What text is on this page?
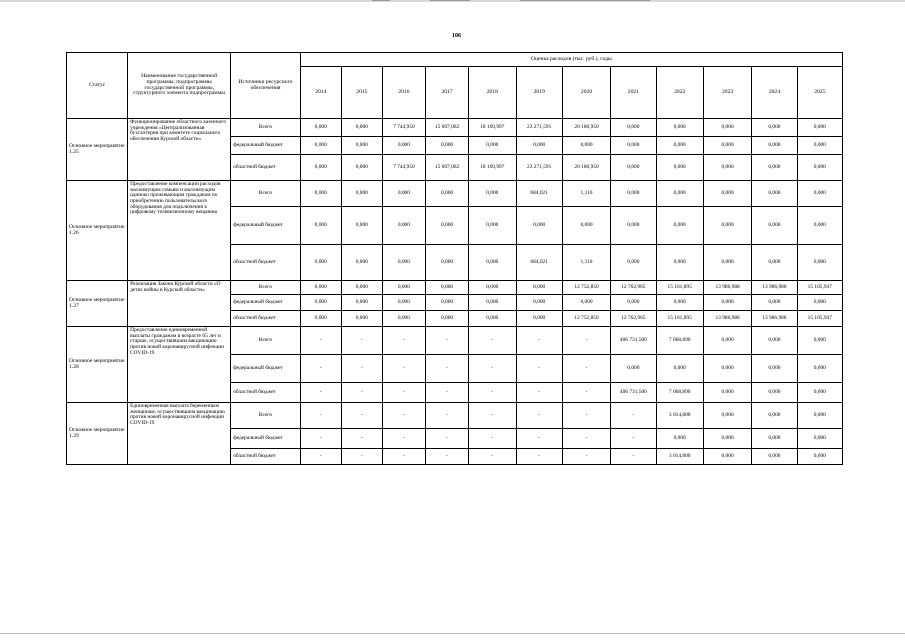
106
Статус	Наименование государственной программы, подпрограммы государственной программы, структурного элемента подпрограммы	Источники ресурсного обеспечения	Оценка расходов (тыс. руб.), годы											
			2014	2015	2016	2017	2018	2019	2020	2021	2022	2023	2024	2025
Основное мероприятие 1.25	Функционирование областного казенного учреждения «Централизованная бухгалтерия при комитете социального обеспечения Курской области»	Всего	0,000	0,000	7 744,950	15 607,062	18 169,997	23 271,591	20 180,950	0,000	0,000	0,000	0,000	0,000
		федеральный бюджет	0,000	0,000	0,000	0,000	0,000	0,000	0,000	0,000	0,000	0,000	0,000	0,000
		областной бюджет	0,000	0,000	7 744,950	15 607,062	18 169,997	23 271,591	20 180,950	0,000	0,000	0,000	0,000	0,000
Основное мероприятие 1.26	Предоставление компенсации расходов малоимущим семьям и малоимущим одиноко проживающим гражданам по приобретению пользовательского оборудования для подключения к цифровому телевизионному вещанию	Всего	0,000	0,000	0,000	0,000	0,000	684,021	1,110	0,000	0,000	0,000	0,000	0,000
		федеральный бюджет	0,000	0,000	0,000	0,000	0,000	0,000	0,000	0,000	0,000	0,000	0,000	0,000
		областной бюджет	0,000	0,000	0,000	0,000	0,000	684,021	1,110	0,000	0,000	0,000	0,000	0,000
Основное мероприятие 1.27	Реализация Закона Курской области «О детях войны в Курской области»	Всего	0,000	0,000	0,000	0,000	0,000	0,000	12 752,850	12 762,965	15 161,895	13 986,988	13 986,988	15 105,947
		федеральный бюджет	0,000	0,000	0,000	0,000	0,000	0,000	0,000	0,000	0,000	0,000	0,000	0,000
		областной бюджет	0,000	0,000	0,000	0,000	0,000	0,000	12 752,850	12 762,965	15 161,895	13 986,988	13 986,988	15 105,947
Основное мероприятие 1.28	Предоставление единовременной выплаты гражданам в возрасте 65 лет и старше, осуществившим вакцинацию против новой коронавирусной инфекции COVID-19	Всего	-	-	-	-	-	-	-	406 731,500	7 068,890	0,000	0,000	0,000
		федеральный бюджет	-	-	-	-	-	-	-	0,000	0,000	0,000	0,000	0,000
		областной бюджет	-	-	-	-	-	-	-	406 731,500	7 068,890	0,000	0,000	0,000
Основное мероприятие 1.29	Единовременная выплата беременным женщинам, осуществившим вакцинацию против новой коронавирусной инфекции COVID-19	Всего	-	-	-	-	-	-	-	-	3 014,800	0,000	0,000	0,000
		федеральный бюджет	-	-	-	-	-	-	-	-	0,000	0,000	0,000	0,000
		областной бюджет	-	-	-	-	-	-	-	-	3 014,800	0,000	0,000	0,000
